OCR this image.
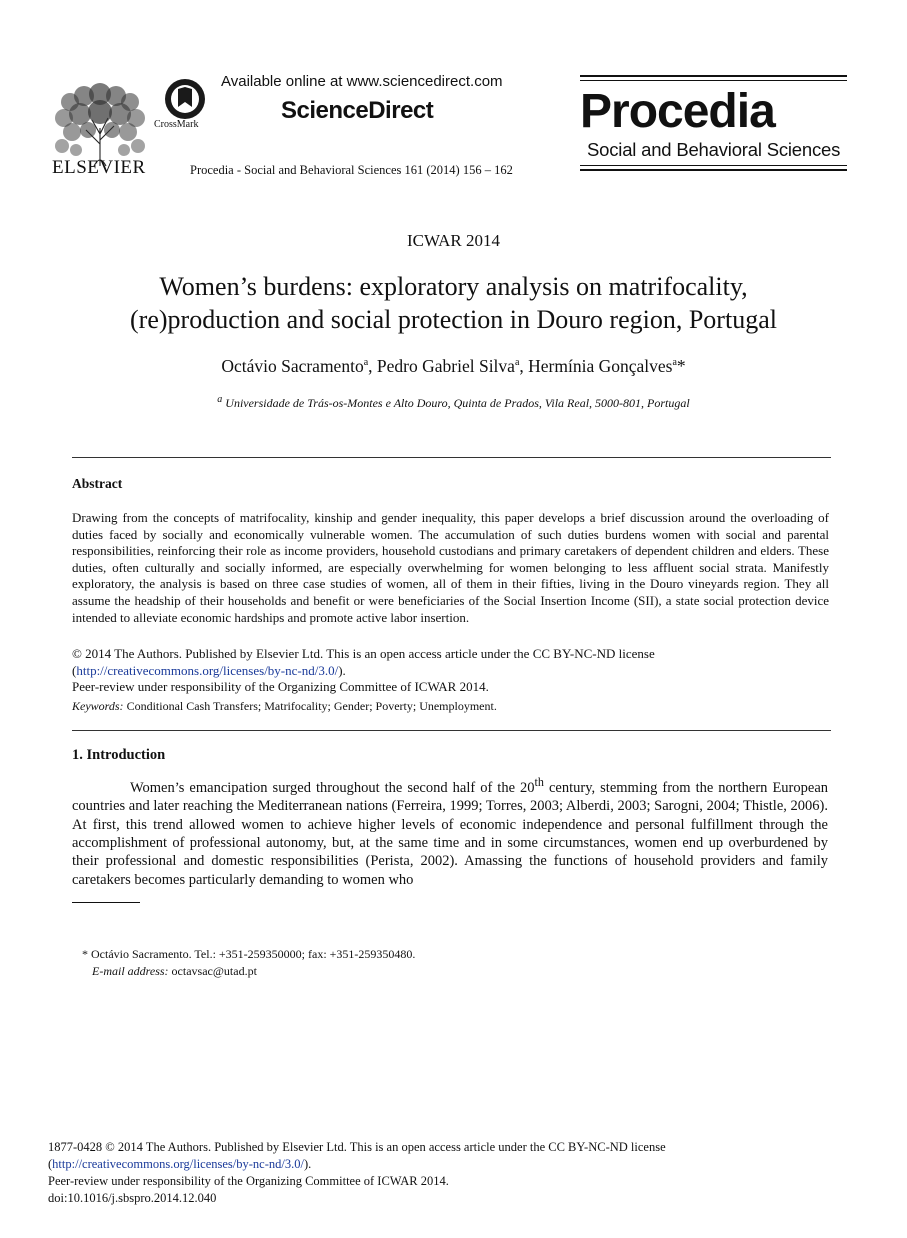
ELSEVIER
CrossMark
Available online at www.sciencedirect.com
ScienceDirect
Procedia - Social and Behavioral Sciences 161 (2014) 156 – 162
Procedia
Social and Behavioral Sciences
ICWAR 2014
Women’s burdens: exploratory analysis on matrifocality,
(re)production and social protection in Douro region, Portugal
Octávio Sacramento$^a$, Pedro Gabriel Silva$^a$, Hermínia Gonçalves$^a$*
$^a$ Universidade de Trás-os-Montes e Alto Douro, Quinta de Prados, Vila Real, 5000-801, Portugal
Abstract
Drawing from the concepts of matrifocality, kinship and gender inequality, this paper develops a brief discussion around the overloading of duties faced by socially and economically vulnerable women. The accumulation of such duties burdens women with social and parental responsibilities, reinforcing their role as income providers, household custodians and primary caretakers of dependent children and elders. These duties, often culturally and socially informed, are especially overwhelming for women belonging to less affluent social strata. Manifestly exploratory, the analysis is based on three case studies of women, all of them in their fifties, living in the Douro vineyards region. They all assume the headship of their households and benefit or were beneficiaries of the Social Insertion Income (SII), a state social protection device intended to alleviate economic hardships and promote active labor insertion.
© 2014 The Authors. Published by Elsevier Ltd. This is an open access article under the CC BY-NC-ND license
(http://creativecommons.org/licenses/by-nc-nd/3.0/).
Peer-review under responsibility of the Organizing Committee of ICWAR 2014.
Keywords: Conditional Cash Transfers; Matrifocality; Gender; Poverty; Unemployment.
1. Introduction
Women’s emancipation surged throughout the second half of the 20th century, stemming from the northern European countries and later reaching the Mediterranean nations (Ferreira, 1999; Torres, 2003; Alberdi, 2003; Sarogni, 2004; Thistle, 2006). At first, this trend allowed women to achieve higher levels of economic independence and personal fulfillment through the accomplishment of professional autonomy, but, at the same time and in some circumstances, women end up overburdened by their professional and domestic responsibilities (Perista, 2002). Amassing the functions of household providers and family caretakers becomes particularly demanding to women who
* Octávio Sacramento. Tel.: +351-259350000; fax: +351-259350480.
E-mail address: octavsac@utad.pt
1877-0428 © 2014 The Authors. Published by Elsevier Ltd. This is an open access article under the CC BY-NC-ND license
(http://creativecommons.org/licenses/by-nc-nd/3.0/).
Peer-review under responsibility of the Organizing Committee of ICWAR 2014.
doi:10.1016/j.sbspro.2014.12.040
